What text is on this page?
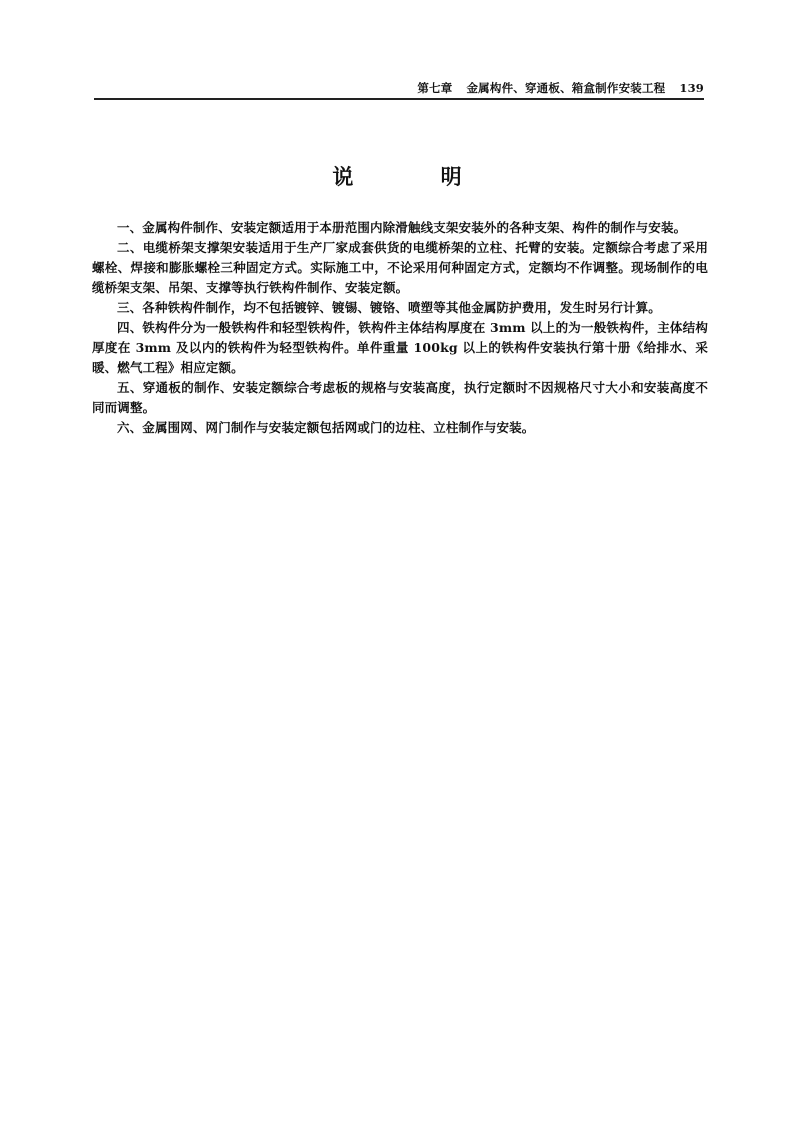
第七章 金属构件、穿通板、箱盒制作安装工程 139
说 明

一、金属构件制作、安装定额适用于本册范围内除滑触线支架安装外的各种支架、构件的制作与安装。

二、电缆桥架支撑架安装适用于生产厂家成套供货的电缆桥架的立柱、托臂的安装。定额综合考虑了采用螺栓、焊接和膨胀螺栓三种固定方式。实际施工中，不论采用何种固定方式，定额均不作调整。现场制作的电缆桥架支架、吊架、支撑等执行铁构件制作、安装定额。

三、各种铁构件制作，均不包括镀锌、镀锡、镀铬、喷塑等其他金属防护费用，发生时另行计算。

四、铁构件分为一般铁构件和轻型铁构件，铁构件主体结构厚度在 3mm 以上的为一般铁构件，主体结构厚度在 3mm 及以内的铁构件为轻型铁构件。单件重量 100kg 以上的铁构件安装执行第十册《给排水、采暖、燃气工程》相应定额。

五、穿通板的制作、安装定额综合考虑板的规格与安装高度，执行定额时不因规格尺寸大小和安装高度不同而调整。

六、金属围网、网门制作与安装定额包括网或门的边柱、立柱制作与安装。
